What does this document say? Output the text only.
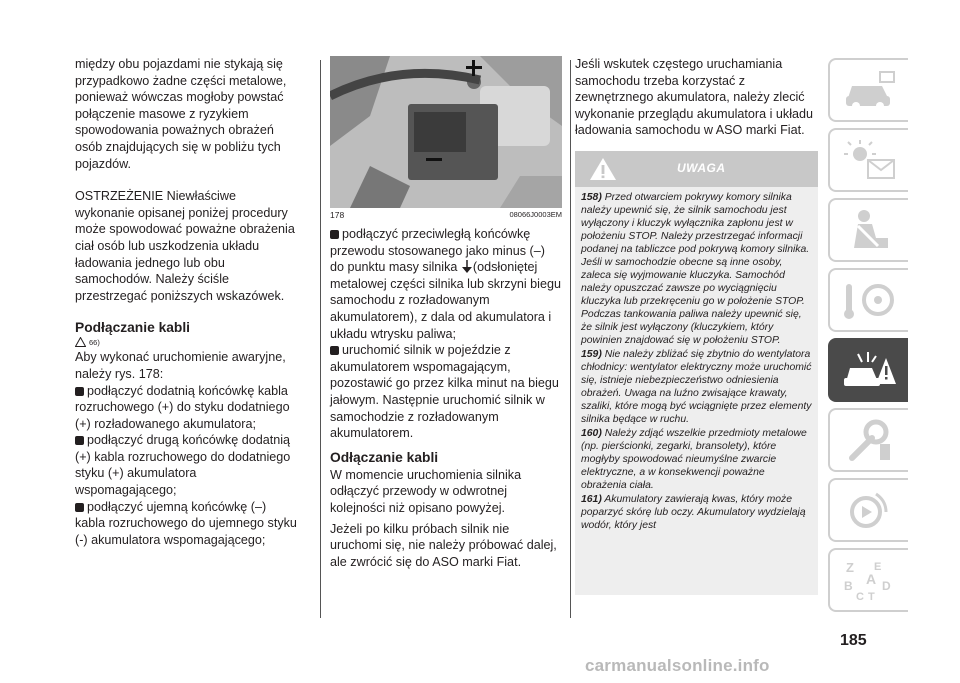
między obu pojazdami nie stykają się przypadkowo żadne części metalowe, ponieważ wówczas mogłoby powstać połączenie masowe z ryzykiem spowodowania poważnych obrażeń osób znajdujących się w pobliżu tych pojazdów.

OSTRZEŻENIE Niewłaściwe wykonanie opisanej poniżej procedury może spowodować poważne obrażenia ciał osób lub uszkodzenia układu ładowania jednego lub obu samochodów. Należy ściśle przestrzegać poniższych wskazówek.

Podłączanie kabli
66)

Aby wykonać uruchomienie awaryjne, należy rys. 178:

podłączyć dodatnią końcówkę kabla rozruchowego (+) do styku dodatniego (+) rozładowanego akumulatora;

podłączyć drugą końcówkę dodatnią (+) kabla rozruchowego do dodatniego styku (+) akumulatora wspomagającego;

podłączyć ujemną końcówkę (–) kabla rozruchowego do ujemnego styku (-) akumulatora wspomagającego;

178	08066J0003EM

podłączyć przeciwległą końcówkę przewodu stosowanego jako minus (–) do punktu masy silnika (odsłoniętej metalowej części silnika lub skrzyni biegu samochodu z rozładowanym akumulatorem), z dala od akumulatora i układu wtrysku paliwa;

uruchomić silnik w pojeździe z akumulatorem wspomagającym, pozostawić go przez kilka minut na biegu jałowym. Następnie uruchomić silnik w samochodzie z rozładowanym akumulatorem.

Odłączanie kabli

W momencie uruchomienia silnika odłączyć przewody w odwrotnej kolejności niż opisano powyżej.

Jeżeli po kilku próbach silnik nie uruchomi się, nie należy próbować dalej, ale zwrócić się do ASO marki Fiat.

Jeśli wskutek częstego uruchamiania samochodu trzeba korzystać z zewnętrznego akumulatora, należy zlecić wykonanie przeglądu akumulatora i układu ładowania samochodu w ASO marki Fiat.

UWAGA

158) Przed otwarciem pokrywy komory silnika należy upewnić się, że silnik samochodu jest wyłączony i kluczyk wyłącznika zapłonu jest w położeniu STOP. Należy przestrzegać informacji podanej na tabliczce pod pokrywą komory silnika. Jeśli w samochodzie obecne są inne osoby, zaleca się wyjmowanie kluczyka. Samochód należy opuszczać zawsze po wyciągnięciu kluczyka lub przekręceniu go w położenie STOP. Podczas tankowania paliwa należy upewnić się, że silnik jest wyłączony (kluczykiem, który powinien znajdować się w położeniu STOP.

159) Nie należy zbliżać się zbytnio do wentylatora chłodnicy: wentylator elektryczny może uruchomić się, istnieje niebezpieczeństwo odniesienia obrażeń. Uwaga na luźno zwisające krawaty, szaliki, które mogą być wciągnięte przez elementy silnika będące w ruchu.

160) Należy zdjąć wszelkie przedmioty metalowe (np. pierścionki, zegarki, bransolety), które mogłyby spowodować nieumyślne zwarcie elektryczne, a w konsekwencji poważne obrażenia ciała.

161) Akumulatory zawierają kwas, który może poparzyć skórę lub oczy. Akumulatory wydzielają wodór, który jest

Z E
B D
C T
A
185
carmanualsonline.info
